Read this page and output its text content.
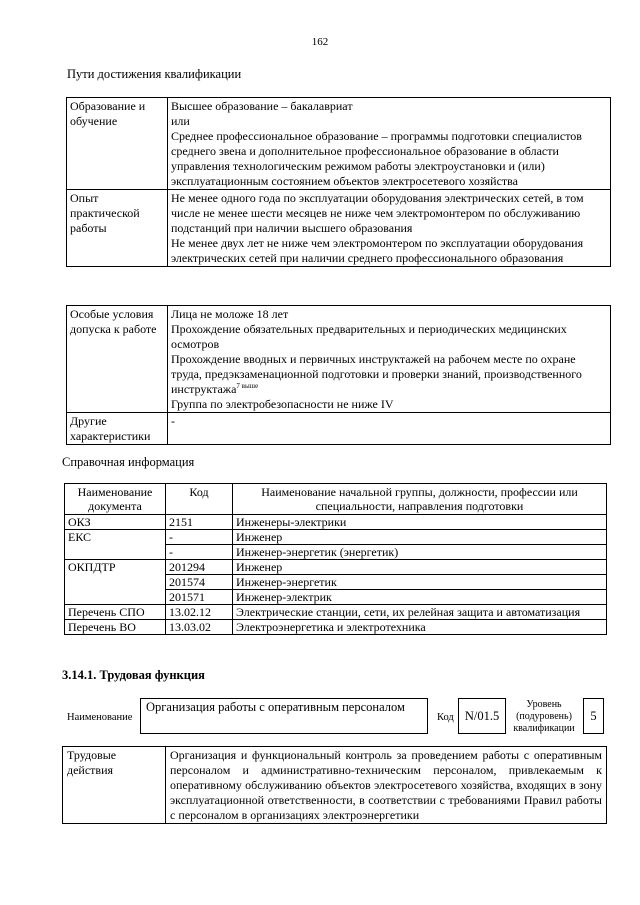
162
Пути достижения квалификации
Образование и обучение	Высшее образование – бакалавриат
или
Среднее профессиональное образование – программы подготовки специалистов среднего звена и дополнительное профессиональное образование в области управления технологическим режимом работы электроустановки и (или) эксплуатационным состоянием объектов электросетевого хозяйства

Опыт практической работы	Не менее одного года по эксплуатации оборудования электрических сетей, в том числе не менее шести месяцев не ниже чем электромонтером по обслуживанию подстанций при наличии высшего образования
Не менее двух лет не ниже чем электромонтером по эксплуатации оборудования электрических сетей при наличии среднего профессионального образования
Особые условия допуска к работе	Лица не моложе 18 лет
Прохождение обязательных предварительных и периодических медицинских осмотров
Прохождение вводных и первичных инструктажей на рабочем месте по охране труда, предэкзаменационной подготовки и проверки знаний, производственного инструктажа$^{7 выше}$
Группа по электробезопасности не ниже IV

Другие характеристики	-
Справочная информация
Наименование документа	Код	Наименование начальной группы, должности, профессии или специальности, направления подготовки
ОКЗ	2151	Инженеры-электрики
ЕКС	-	Инженер
	-	Инженер-энергетик (энергетик)
ОКПДТР	201294	Инженер
	201574	Инженер-энергетик
	201571	Инженер-электрик
Перечень СПО	13.02.12	Электрические станции, сети, их релейная защита и автоматизация
Перечень ВО	13.03.02	Электроэнергетика и электротехника
3.14.1. Трудовая функция
Наименование
Организация работы с оперативным персоналом
Код N/01.5
Уровень (подуровень) квалификации
5
Трудовые действия	Организация и функциональный контроль за проведением работы с оперативным персоналом и административно-техническим персоналом, привлекаемым к оперативному обслуживанию объектов электросетевого хозяйства, входящих в зону эксплуатационной ответственности, в соответствии с требованиями Правил работы с персоналом в организациях электроэнергетики
